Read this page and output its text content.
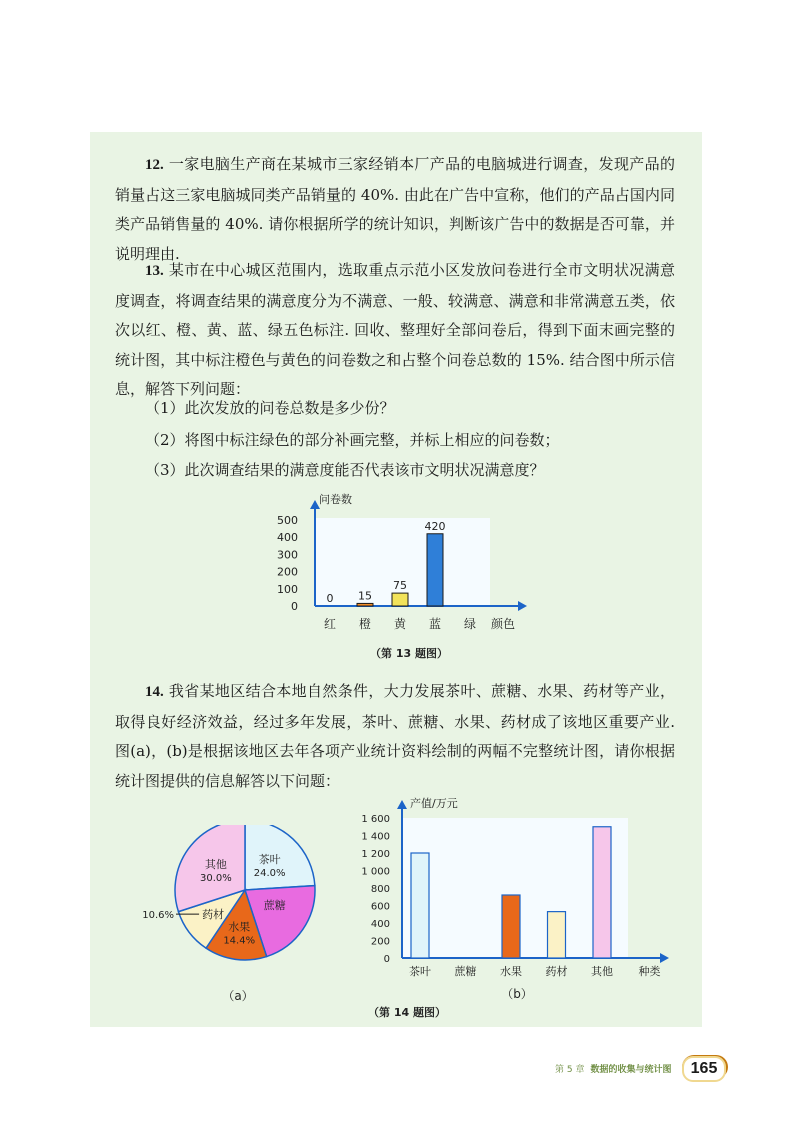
12. 一家电脑生产商在某城市三家经销本厂产品的电脑城进行调查，发现产品的销量占这三家电脑城同类产品销量的 40%. 由此在广告中宣称，他们的产品占国内同类产品销售量的 40%. 请你根据所学的统计知识，判断该广告中的数据是否可靠，并说明理由.

13. 某市在中心城区范围内，选取重点示范小区发放问卷进行全市文明状况满意度调查，将调查结果的满意度分为不满意、一般、较满意、满意和非常满意五类，依次以红、橙、黄、蓝、绿五色标注. 回收、整理好全部问卷后，得到下面末画完整的统计图，其中标注橙色与黄色的问卷数之和占整个问卷总数的 15%. 结合图中所示信息，解答下列问题：

（1）此次发放的问卷总数是多少份？

（2）将图中标注绿色的部分补画完整，并标上相应的问卷数；

（3）此次调查结果的满意度能否代表该市文明状况满意度？

问卷数
0
100
200
300
400
500
红
0
橙
15
黄
75
蓝
420
绿 颜色
（第 13 题图）

14. 我省某地区结合本地自然条件，大力发展茶叶、蔗糖、水果、药材等产业，取得良好经济效益，经过多年发展，茶叶、蔗糖、水果、药材成了该地区重要产业. 图(a)，(b)是根据该地区去年各项产业统计资料绘制的两幅不完整统计图，请你根据统计图提供的信息解答以下问题：

茶叶
24.0%
蔗糖
水果
14.4%
药材
10.6%
其他
30.0%
（a）
产值/万元
0
200
400
600
800
1 000
1 200
1 400
1 600
茶叶 蔗糖 水果 药材 其他 种类
（b）
（第 14 题图）
第 5 章 数据的收集与统计图	165
